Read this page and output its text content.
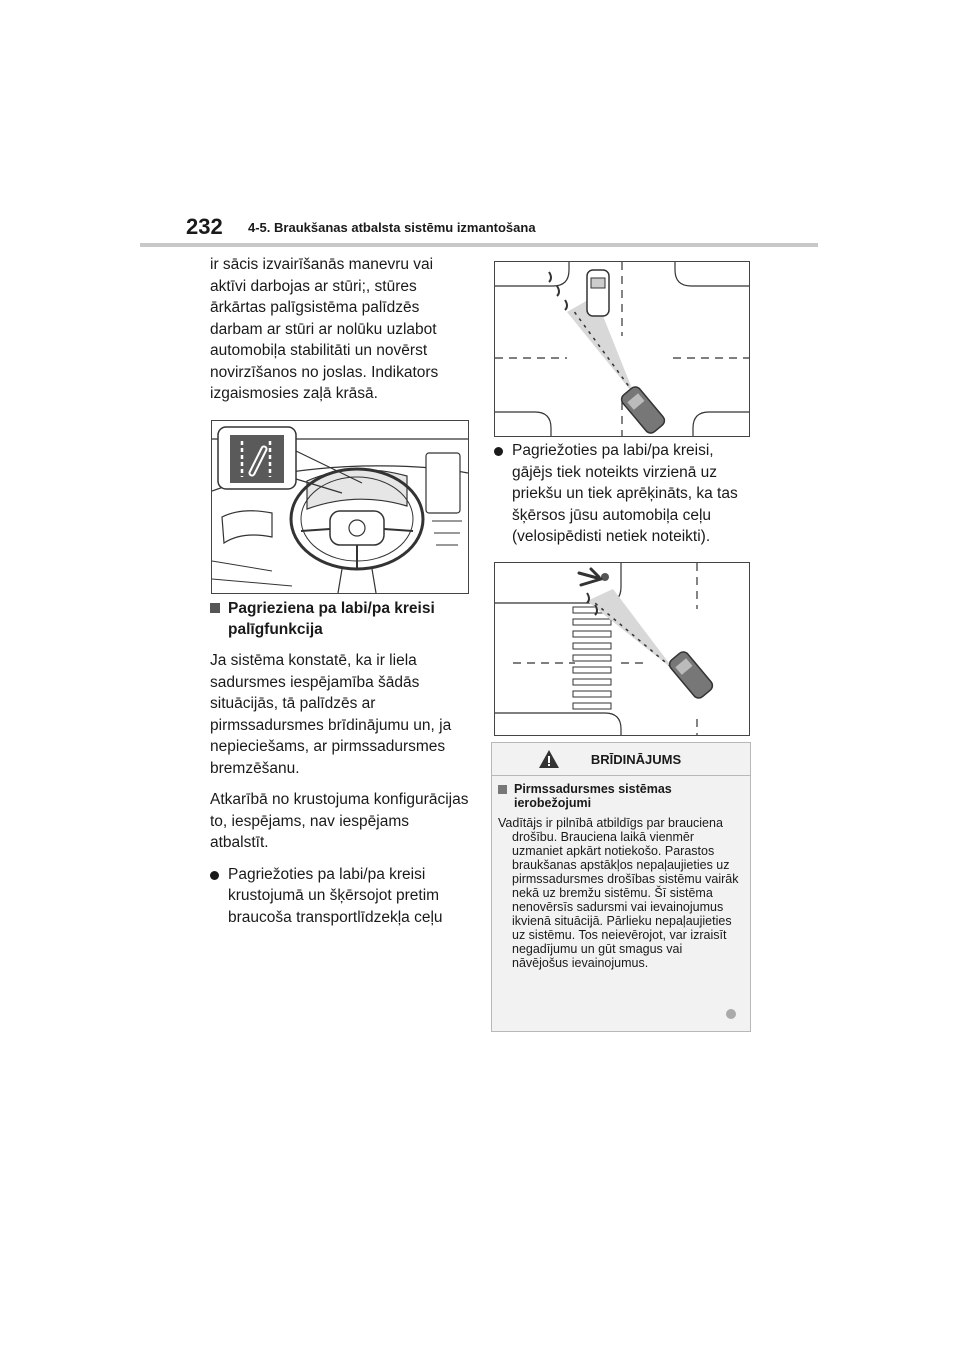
232 4-5. Braukšanas atbalsta sistēmu izmantošana

ir sācis izvairīšanās manevru vai aktīvi darbojas ar stūri;, stūres ārkārtas palīgsistēma palīdzēs darbam ar stūri ar nolūku uzlabot automobiļa stabilitāti un novērst novirzīšanos no joslas. Indikators izgaismosies zaļā krāsā.

Pagrieziena pa labi/pa kreisi palīgfunkcija

Ja sistēma konstatē, ka ir liela sadursmes iespējamība šādās situācijās, tā palīdzēs ar pirmssadursmes brīdinājumu un, ja nepieciešams, ar pirmssadursmes bremzēšanu.

Atkarībā no krustojuma konfigurācijas to, iespējams, nav iespējams atbalstīt.

Pagriežoties pa labi/pa kreisi krustojumā un šķērsojot pretim braucoša transportlīdzekļa ceļu
Pagriežoties pa labi/pa kreisi, gājējs tiek noteikts virzienā uz priekšu un tiek aprēķināts, ka tas šķērsos jūsu automobiļa ceļu (velosipēdisti netiek noteikti).
BRĪDINĀJUMS
Pirmssadursmes sistēmas ierobežojumi

Vadītājs ir pilnībā atbildīgs par brauciena drošību. Brauciena laikā vienmēr uzmaniet apkārt notiekošo. Parastos braukšanas apstākļos nepaļaujieties uz pirmssadursmes drošības sistēmu vairāk nekā uz bremžu sistēmu. Šī sistēma nenovērsīs sadursmi vai ievainojumus ikvienā situācijā. Pārlieku nepaļaujieties uz sistēmu. Tos neievērojot, var izraisīt negadījumu un gūt smagus vai nāvējošus ievainojumus.
